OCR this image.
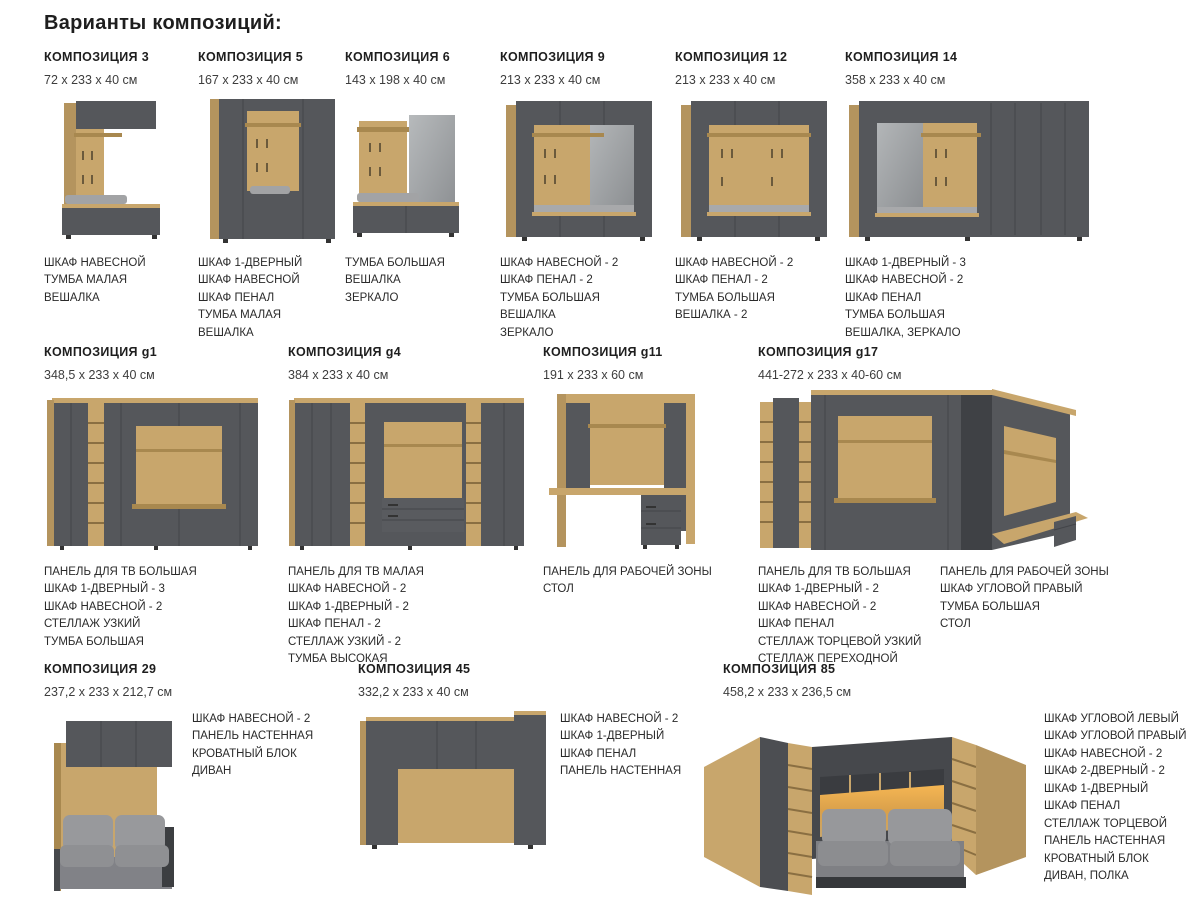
Варианты композиций:
КОМПОЗИЦИЯ 3

72 x 233 x 40 см

ШКАФ НАВЕСНОЙ
ТУМБА МАЛАЯ
ВЕШАЛКА
КОМПОЗИЦИЯ 5

167 x 233 x 40 см

ШКАФ 1-ДВЕРНЫЙ
ШКАФ НАВЕСНОЙ
ШКАФ ПЕНАЛ
ТУМБА МАЛАЯ
ВЕШАЛКА
КОМПОЗИЦИЯ 6

143 x 198 x 40 см

ТУМБА БОЛЬШАЯ
ВЕШАЛКА
ЗЕРКАЛО
КОМПОЗИЦИЯ 9

213 x 233 x 40 см

ШКАФ НАВЕСНОЙ - 2
ШКАФ ПЕНАЛ - 2
ТУМБА БОЛЬШАЯ
ВЕШАЛКА
ЗЕРКАЛО
КОМПОЗИЦИЯ 12

213 x 233 x 40 см

ШКАФ НАВЕСНОЙ - 2
ШКАФ ПЕНАЛ - 2
ТУМБА БОЛЬШАЯ
ВЕШАЛКА - 2
КОМПОЗИЦИЯ 14

358 x 233 x 40 см

ШКАФ 1-ДВЕРНЫЙ - 3
ШКАФ НАВЕСНОЙ - 2
ШКАФ ПЕНАЛ
ТУМБА БОЛЬШАЯ
ВЕШАЛКА, ЗЕРКАЛО
КОМПОЗИЦИЯ g1

348,5 x 233 x 40 см

ПАНЕЛЬ ДЛЯ ТВ БОЛЬШАЯ
ШКАФ 1-ДВЕРНЫЙ - 3
ШКАФ НАВЕСНОЙ - 2
СТЕЛЛАЖ УЗКИЙ
ТУМБА БОЛЬШАЯ
КОМПОЗИЦИЯ g4

384 x 233 x 40 см

ПАНЕЛЬ ДЛЯ ТВ МАЛАЯ
ШКАФ НАВЕСНОЙ - 2
ШКАФ 1-ДВЕРНЫЙ - 2
ШКАФ ПЕНАЛ - 2
СТЕЛЛАЖ УЗКИЙ - 2
ТУМБА ВЫСОКАЯ
КОМПОЗИЦИЯ g11

191 x 233 x 60 см

ПАНЕЛЬ ДЛЯ РАБОЧЕЙ ЗОНЫ
СТОЛ
КОМПОЗИЦИЯ g17

441-272 x 233 x 40-60 см

ПАНЕЛЬ ДЛЯ ТВ БОЛЬШАЯ
ШКАФ 1-ДВЕРНЫЙ - 2
ШКАФ НАВЕСНОЙ - 2
ШКАФ ПЕНАЛ
СТЕЛЛАЖ ТОРЦЕВОЙ УЗКИЙ
СТЕЛЛАЖ ПЕРЕХОДНОЙ
ПАНЕЛЬ ДЛЯ РАБОЧЕЙ ЗОНЫ
ШКАФ УГЛОВОЙ ПРАВЫЙ
ТУМБА БОЛЬШАЯ
СТОЛ
КОМПОЗИЦИЯ 29

237,2 x 233 x 212,7 см

ШКАФ НАВЕСНОЙ - 2
ПАНЕЛЬ НАСТЕННАЯ
КРОВАТНЫЙ БЛОК
ДИВАН
КОМПОЗИЦИЯ 45

332,2 x 233 x 40 см

ШКАФ НАВЕСНОЙ - 2
ШКАФ 1-ДВЕРНЫЙ
ШКАФ ПЕНАЛ
ПАНЕЛЬ НАСТЕННАЯ
КОМПОЗИЦИЯ 85

458,2 x 233 x 236,5 см

ШКАФ УГЛОВОЙ ЛЕВЫЙ
ШКАФ УГЛОВОЙ ПРАВЫЙ
ШКАФ НАВЕСНОЙ - 2
ШКАФ 2-ДВЕРНЫЙ - 2
ШКАФ 1-ДВЕРНЫЙ
ШКАФ ПЕНАЛ
СТЕЛЛАЖ ТОРЦЕВОЙ
ПАНЕЛЬ НАСТЕННАЯ
КРОВАТНЫЙ БЛОК
ДИВАН, ПОЛКА
